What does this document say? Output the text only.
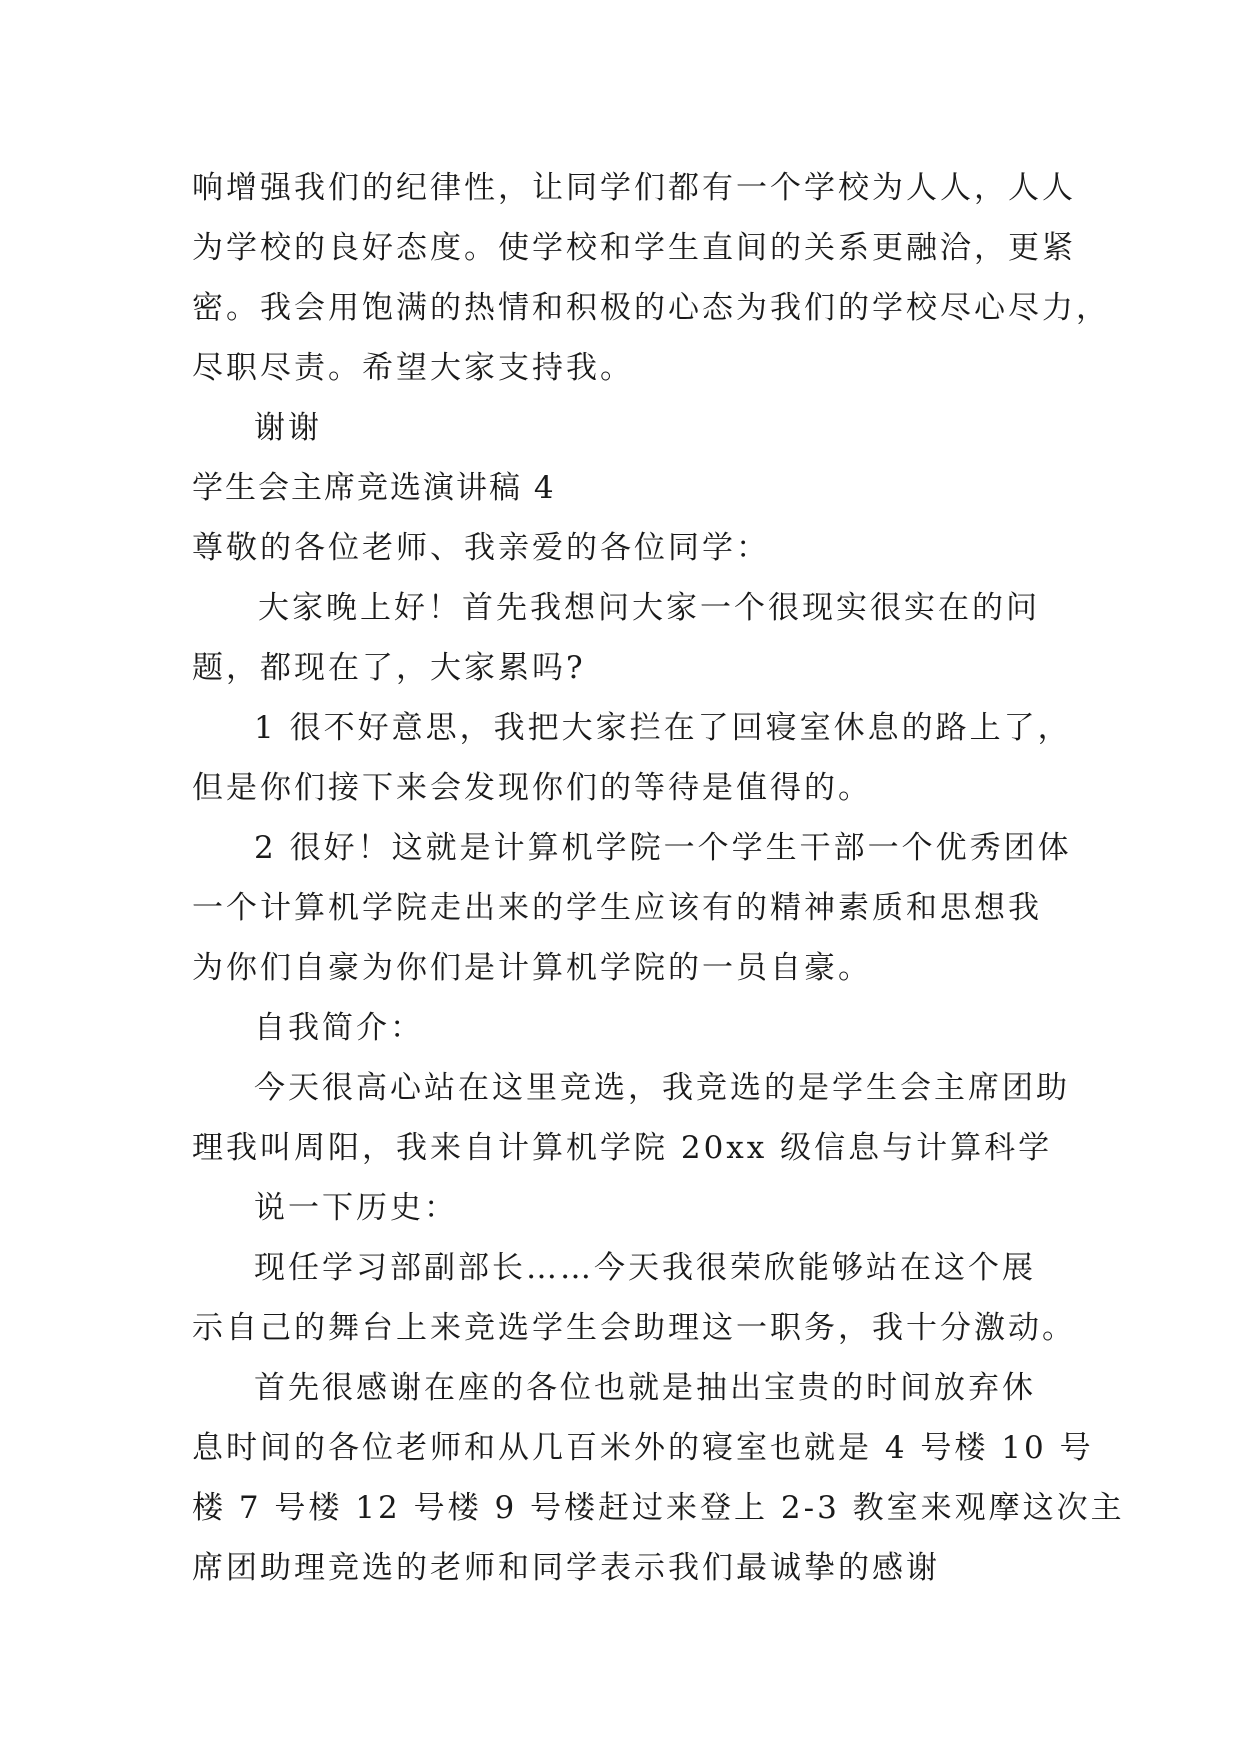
响增强我们的纪律性，让同学们都有一个学校为人人，人人
为学校的良好态度。使学校和学生直间的关系更融洽，更紧
密。我会用饱满的热情和积极的心态为我们的学校尽心尽力，
尽职尽责。希望大家支持我。
谢谢
学生会主席竞选演讲稿 4
尊敬的各位老师、我亲爱的各位同学：
大家晚上好！首先我想问大家一个很现实很实在的问
题，都现在了，大家累吗?
1 很不好意思，我把大家拦在了回寝室休息的路上了，
但是你们接下来会发现你们的等待是值得的。
2 很好！这就是计算机学院一个学生干部一个优秀团体
一个计算机学院走出来的学生应该有的精神素质和思想我
为你们自豪为你们是计算机学院的一员自豪。
自我简介：
今天很高心站在这里竞选，我竞选的是学生会主席团助
理我叫周阳，我来自计算机学院 20xx 级信息与计算科学
说一下历史：
现任学习部副部长……今天我很荣欣能够站在这个展
示自己的舞台上来竞选学生会助理这一职务，我十分激动。
首先很感谢在座的各位也就是抽出宝贵的时间放弃休
息时间的各位老师和从几百米外的寝室也就是 4 号楼 10 号
楼 7 号楼 12 号楼 9 号楼赶过来登上 2-3 教室来观摩这次主
席团助理竞选的老师和同学表示我们最诚挚的感谢
